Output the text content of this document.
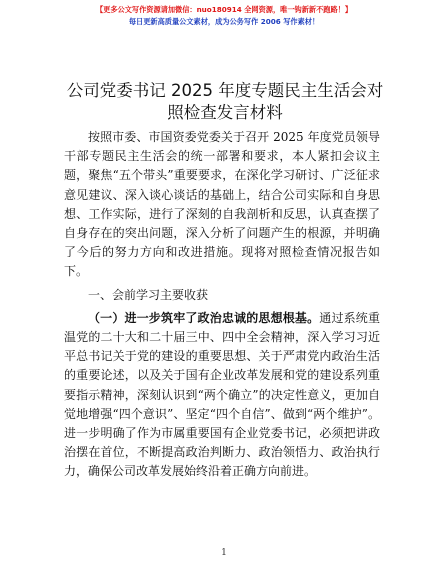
【更多公文写作资源请加微信：nuo180914 全网资源，唯一钩新新不跑路！】
每日更新高质量公文素材，成为公务写作 2006 写作素材！
公司党委书记 2025 年度专题民主生活会对照检查发言材料

按照市委、市国资委党委关于召开 2025 年度党员领导干部专题民主生活会的统一部署和要求，本人紧扣会议主题，聚焦“五个带头”重要要求，在深化学习研讨、广泛征求意见建议、深入谈心谈话的基础上，结合公司实际和自身思想、工作实际，进行了深刻的自我剖析和反思，认真查摆了自身存在的突出问题，深入分析了问题产生的根源，并明确了今后的努力方向和改进措施。现将对照检查情况报告如下。

一、会前学习主要收获

（一）进一步筑牢了政治忠诚的思想根基。通过系统重温党的二十大和二十届三中、四中全会精神，深入学习习近平总书记关于党的建设的重要思想、关于严肃党内政治生活的重要论述，以及关于国有企业改革发展和党的建设系列重要指示精神，深刻认识到“两个确立”的决定性意义，更加自觉地增强“四个意识”、坚定“四个自信”、做到“两个维护”。进一步明确了作为市属重要国有企业党委书记，必须把讲政治摆在首位，不断提高政治判断力、政治领悟力、政治执行力，确保公司改革发展始终沿着正确方向前进。

1
